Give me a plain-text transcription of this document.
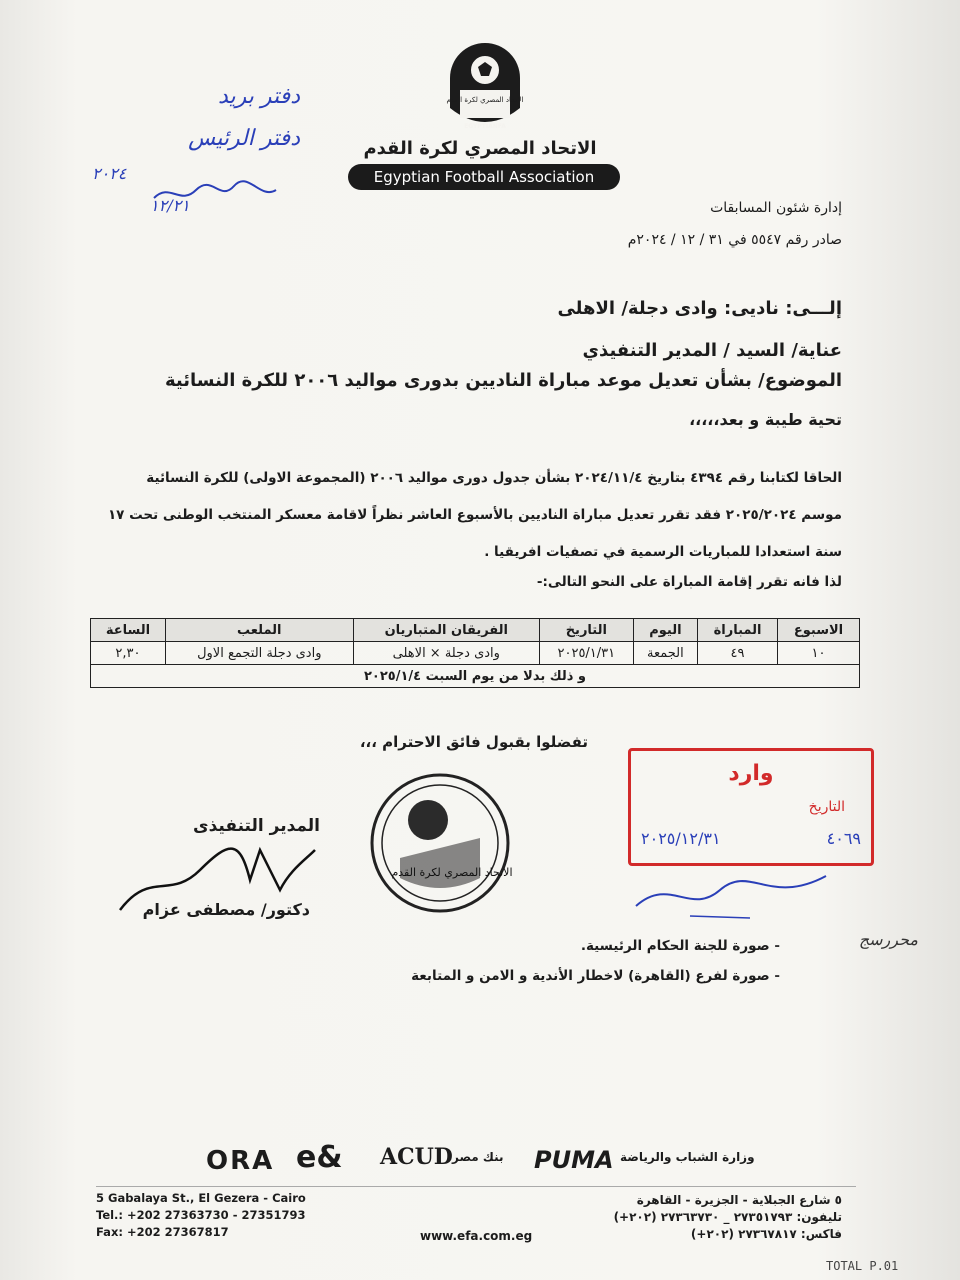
الاتحاد المصري لكرة القدم
EGYPTIANFA
الاتحاد المصري لكرة القدم
Egyptian Football Association
دفتر بريد
دفتر الرئيس
٢٠٢٤
١٢/٢١	إدارة شئون المسابقات
صادر رقم ٥٥٤٧ في ٣١ / ١٢ / ٢٠٢٤م
إلـــى: نادیی: وادى دجلة/ الاهلى
عناية/ السيد / المدير التنفيذي
الموضوع/ بشأن تعديل موعد مباراة الناديين بدورى مواليد ٢٠٠٦ للكرة النسائية
تحية طيبة و بعد،،،،،
الحاقا لكتابنا رقم ٤٣٩٤ بتاريخ ٢٠٢٤/١١/٤ بشأن جدول دورى مواليد ٢٠٠٦ (المجموعة الاولى) للكرة النسائية موسم ٢٠٢٥/٢٠٢٤ فقد تقرر تعديل مباراة الناديين بالأسبوع العاشر نظراً لاقامة معسكر المنتخب الوطنى تحت ١٧ سنة استعدادا للمباريات الرسمية في تصفيات افريقيا .
لذا فانه تقرر إقامة المباراة على النحو التالى:-
الاسبوع	المباراة	اليوم	التاريخ	الفريقان المتباريان	الملعب	الساعة
١٠	٤٩	الجمعة	٢٠٢٥/١/٣١	وادى دجلة × الاهلى	وادى دجلة التجمع الاول	٢,٣٠
و ذلك بدلا من يوم السبت ٢٠٢٥/١/٤						
تفضلوا بقبول فائق الاحترام ،،،
المدير التنفيذى
دكتور/ مصطفى عزام
الاتحاد المصري لكرة القدم
وارد
التاريخ
٢٠٢٥/١٢/٣١	٤٠٦٩
محررسج
- صورة للجنة الحكام الرئيسية.
- صورة لفرع (القاهرة) لاخطار الأندية و الامن و المتابعة
ORA e& ACUD بنك مصر PUMA وزارة الشباب والرياضة
5 Gabalaya St., El Gezera - Cairo
Tel.: +202 27363730 - 27351793
Fax: +202 27367817	www.efa.com.eg
٥ شارع الجبلاية - الجزيرة - القاهرة
تليفون: ٢٧٣٥١٧٩٣ _ ٢٧٣٦٣٧٣٠ (٢٠٢+)
فاكس: ٢٧٣٦٧٨١٧ (٢٠٢+)
TOTAL P.01
